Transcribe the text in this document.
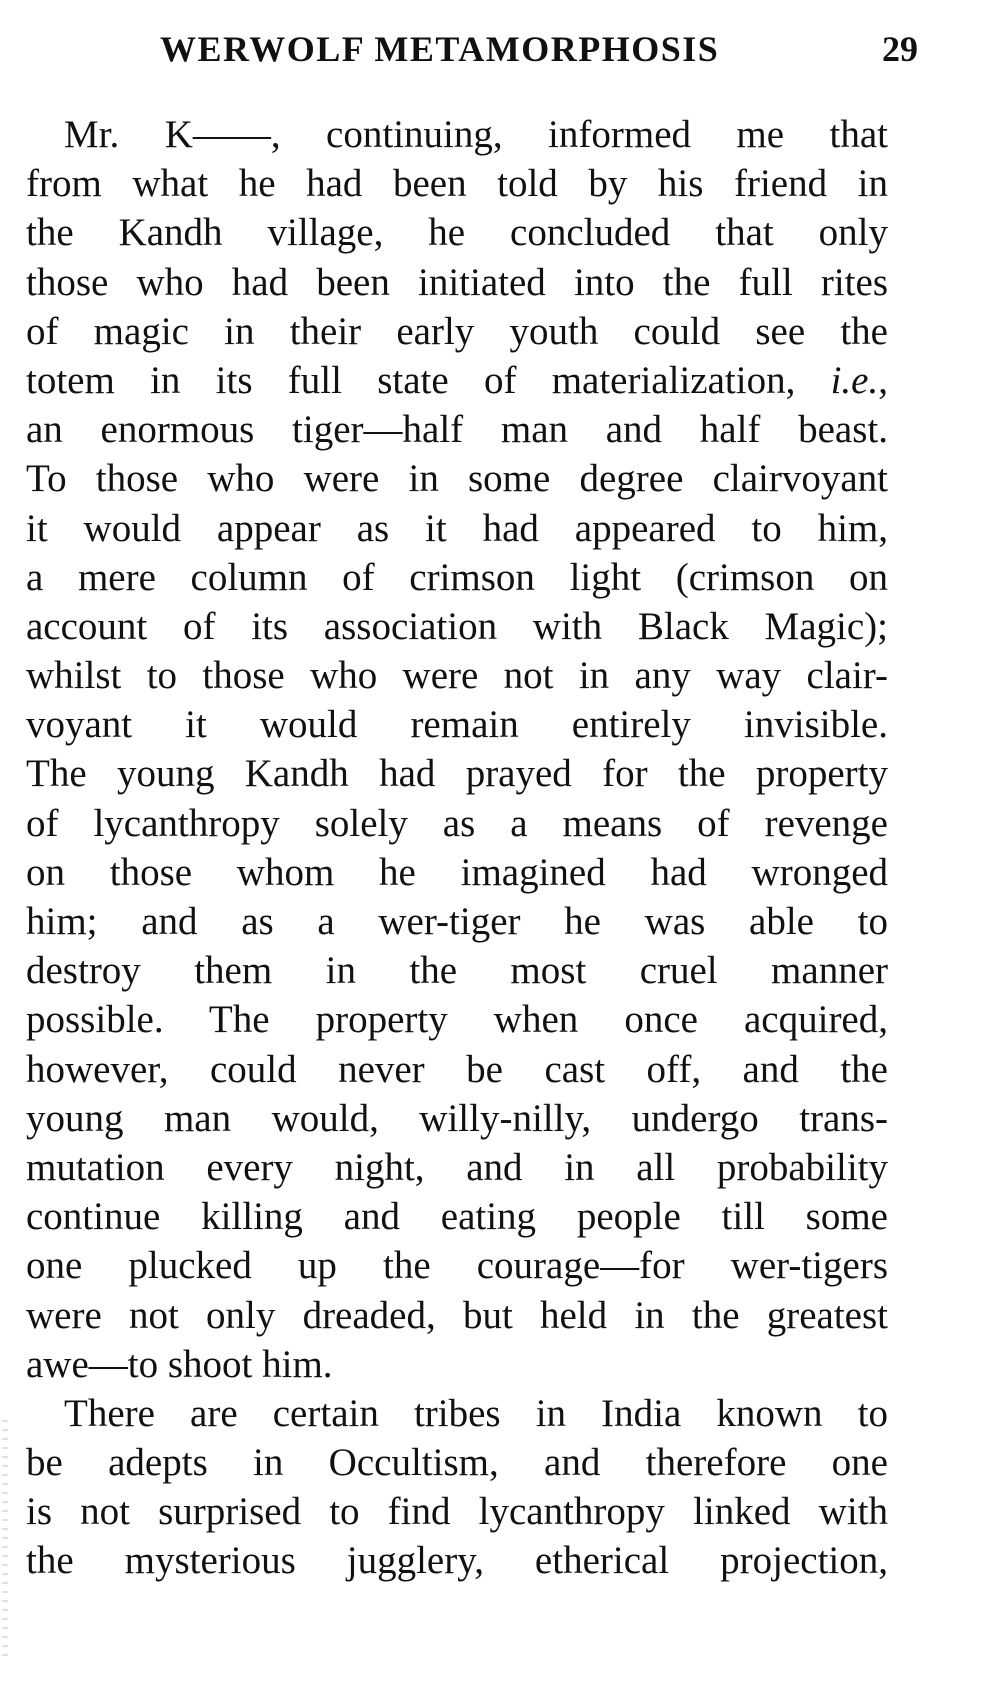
WERWOLF METAMORPHOSIS	29
Mr. K——, continuing, informed me that
from what he had been told by his friend in
the Kandh village, he concluded that only
those who had been initiated into the full rites
of magic in their early youth could see the
totem in its full state of materialization, i.e.,
an enormous tiger—half man and half beast.
To those who were in some degree clairvoyant
it would appear as it had appeared to him,
a mere column of crimson light (crimson on
account of its association with Black Magic);
whilst to those who were not in any way clair-
voyant it would remain entirely invisible.
The young Kandh had prayed for the property
of lycanthropy solely as a means of revenge
on those whom he imagined had wronged
him; and as a wer-tiger he was able to
destroy them in the most cruel manner
possible. The property when once acquired,
however, could never be cast off, and the
young man would, willy-nilly, undergo trans-
mutation every night, and in all probability
continue killing and eating people till some
one plucked up the courage—for wer-tigers
were not only dreaded, but held in the greatest
awe—to shoot him.
There are certain tribes in India known to
be adepts in Occultism, and therefore one
is not surprised to find lycanthropy linked with
the mysterious jugglery, etherical projection,
